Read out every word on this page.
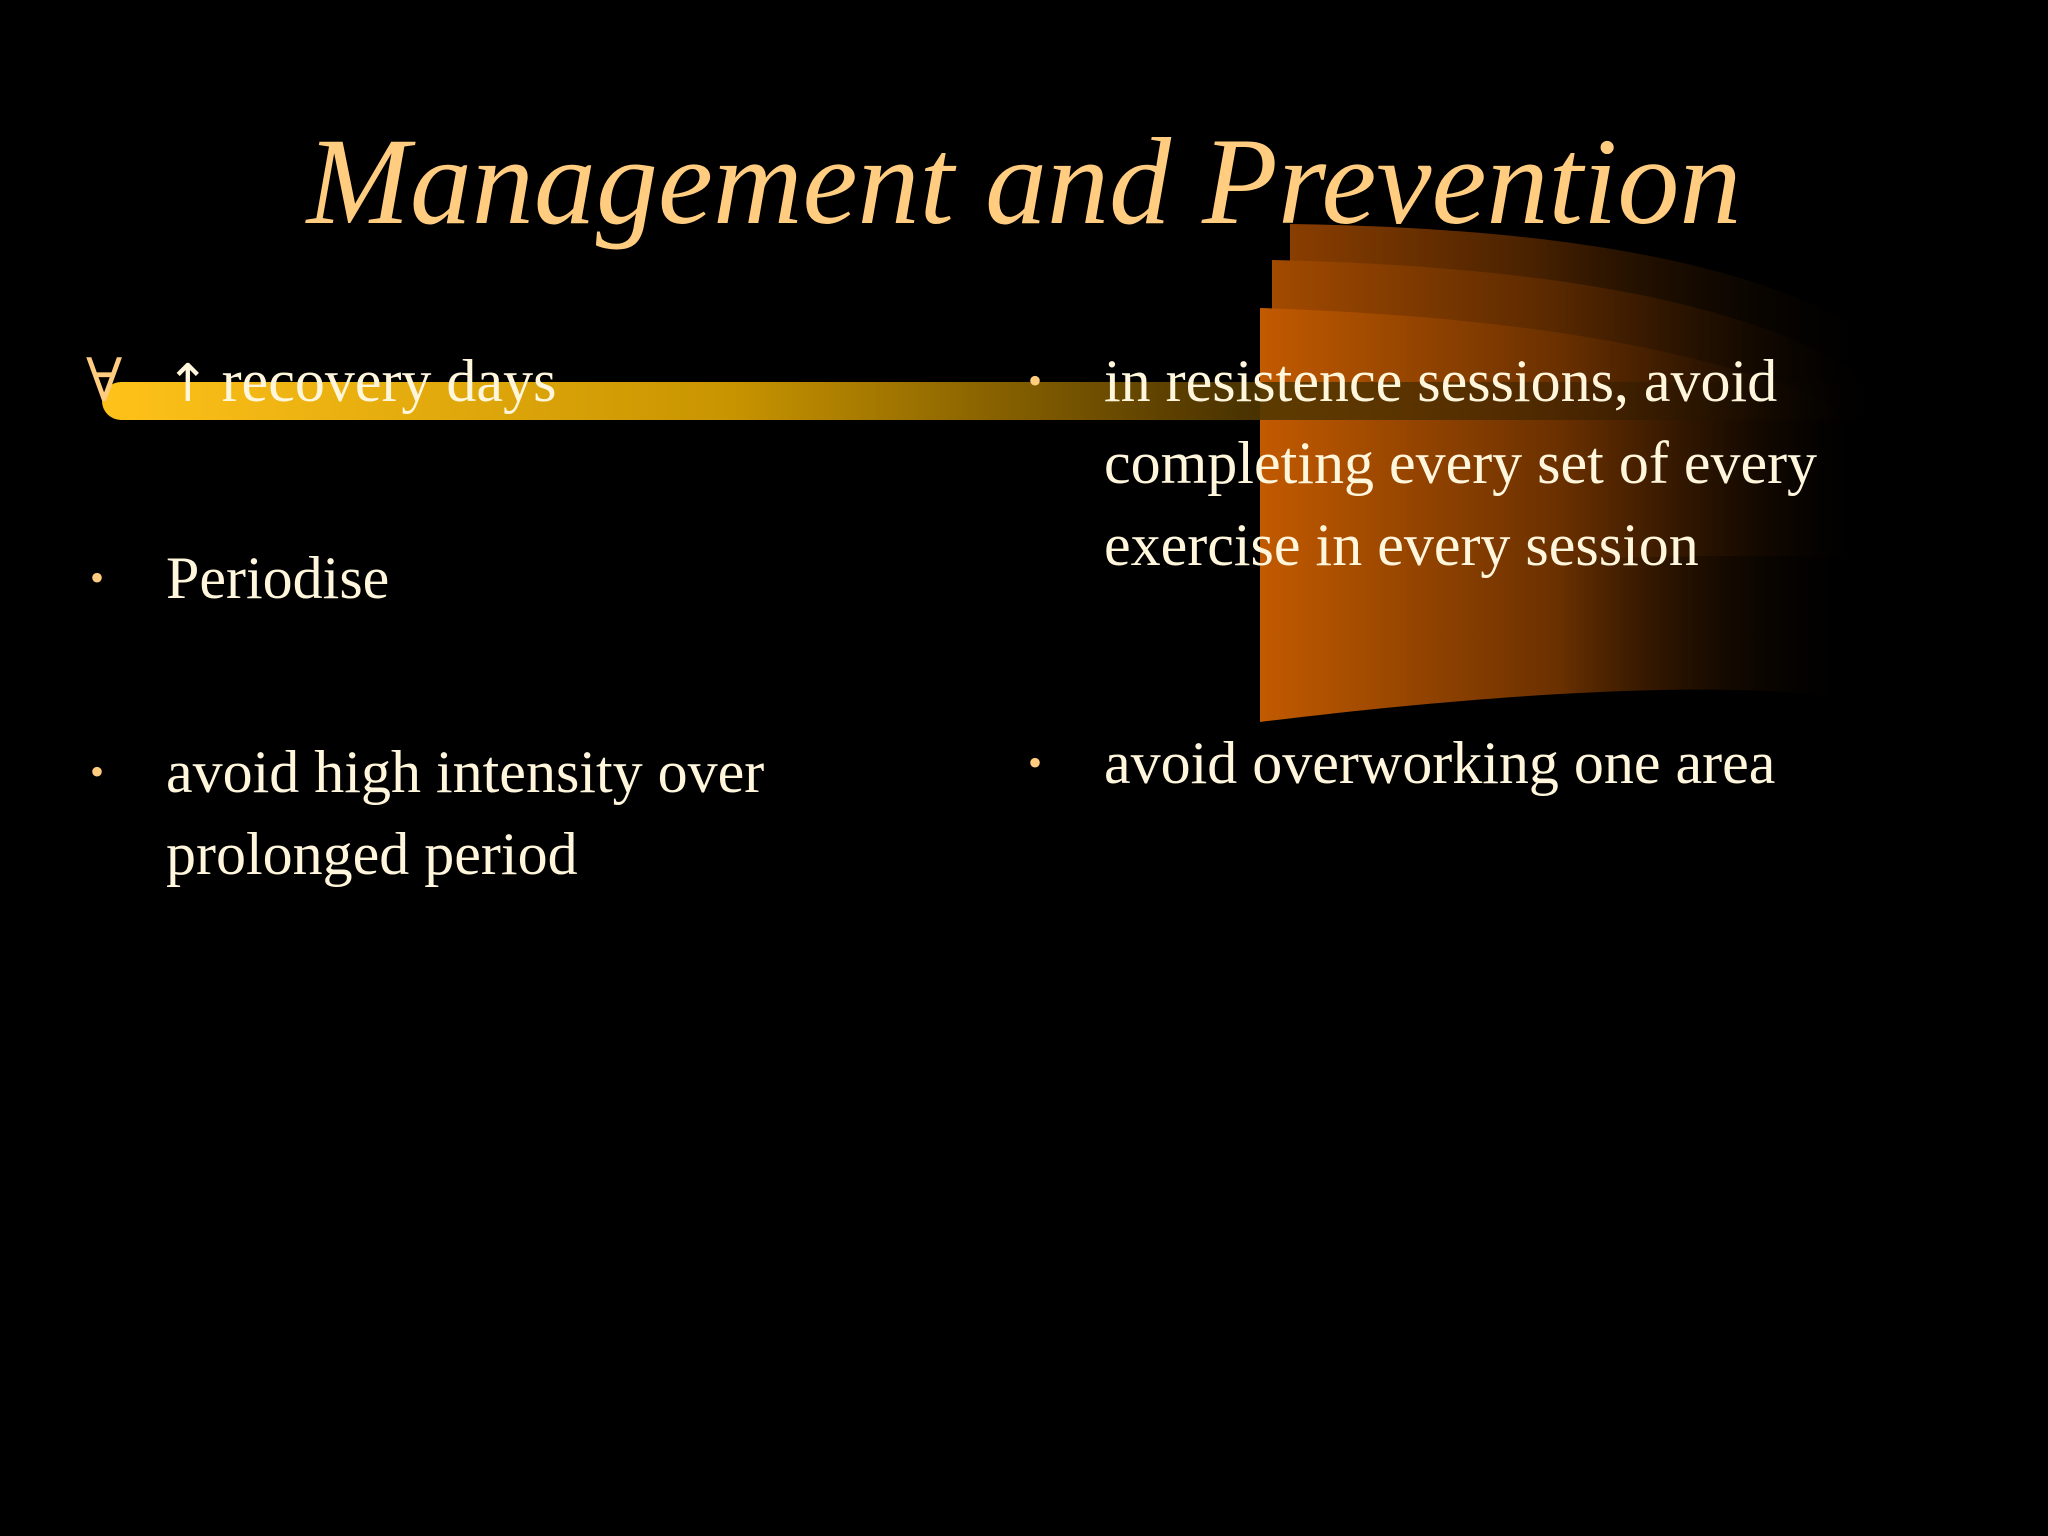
Management and Prevention
∀ ↑ recovery days
•	Periodise
•	avoid high intensity over prolonged period
•	in resistence sessions, avoid completing every set of every exercise in every session
•	avoid overworking one area
